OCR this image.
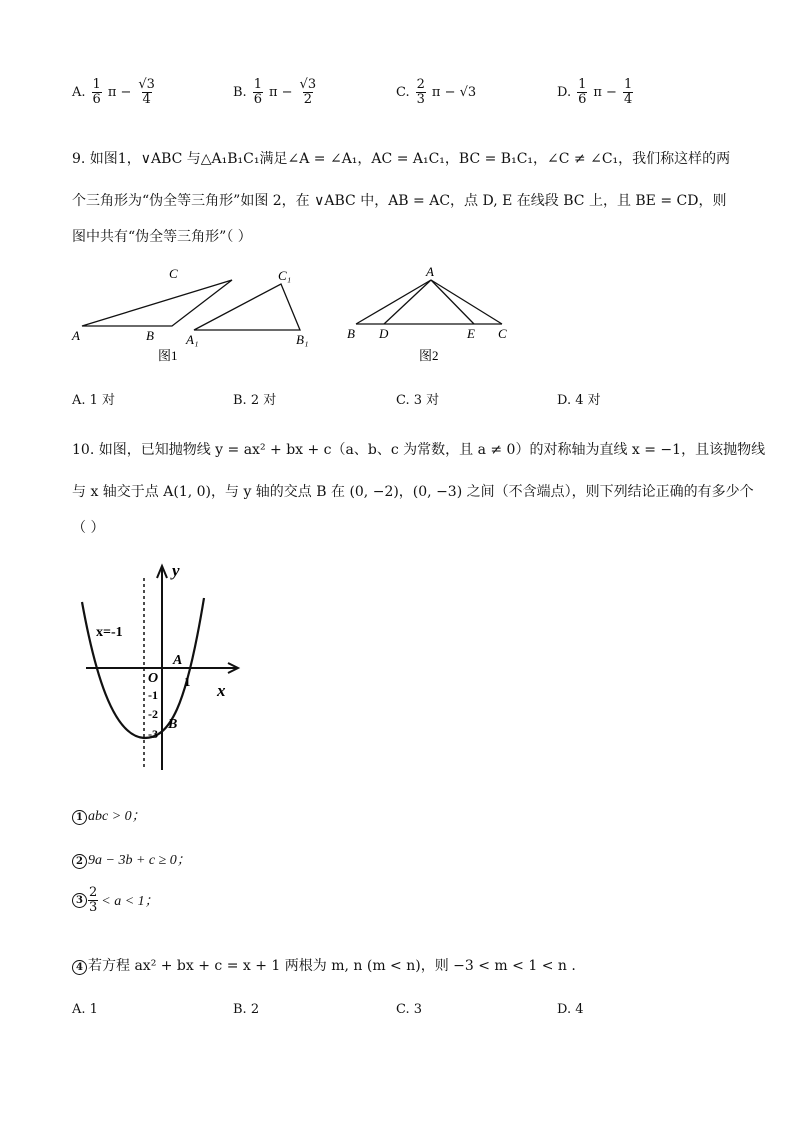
A. $\frac{1}{6}$ $\pi - \frac{√3}{4}$	B. $\frac{1}{6}$ $\pi - \frac{√3}{2}$	C. $\frac{2}{3}$ π − √3	D. $\frac{1}{6}$ $\pi - \frac{1}{4}$
9. 如图1，∨ABC 与△A₁B₁C₁满足∠A = ∠A₁，AC = A₁C₁，BC = B₁C₁，∠C ≠ ∠C₁，我们称这样的两
个三角形为“伪全等三角形”如图 2，在 ∨ABC 中，AB = AC，点 D, E 在线段 BC 上，且 BE = CD，则
图中共有“伪全等三角形”（ ）
A	B
C
A₁	B₁
C₁
图1
A
B D	E C
图2
A. 1 对	B. 2 对	C. 3 对	D. 4 对
10. 如图，已知抛物线 y = ax² + bx + c（a、b、c 为常数，且 a ≠ 0）的对称轴为直线 x = −1，且该抛物线
与 x 轴交于点 A(1, 0)，与 y 轴的交点 B 在 (0, −2)，(0, −3) 之间（不含端点），则下列结论正确的有多少个
（ ）
y
x
x=-1
O
A
1
-1
-2
-3
B
1 abc > 0；
2 9a − 3b + c ≥ 0；
$3 \frac{2}{3} < a < 1$；
4 若方程 ax² + bx + c = x + 1 两根为 m, n (m < n)，则 −3 < m < 1 < n .
A. 1	B. 2	C. 3	D. 4
